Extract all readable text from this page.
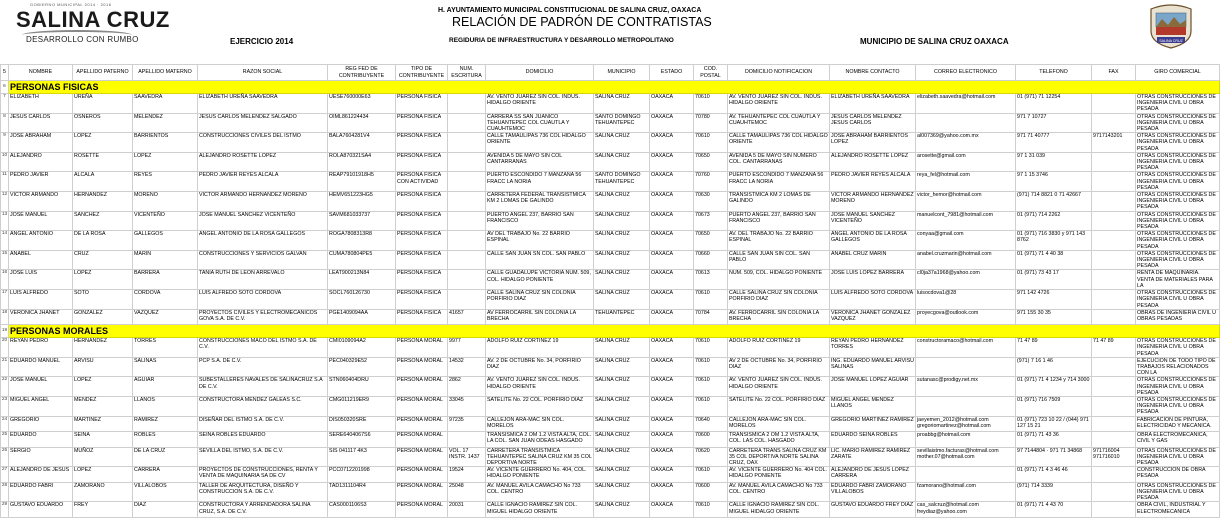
GOBIERNO MUNICIPAL 2014 · 2016
SALINA CRUZ
DESARROLLO CON RUMBO	SALINA CRUZ
H. AYUNTAMIENTO MUNICIPAL CONSTITUCIONAL DE SALINA CRUZ, OAXACA
RELACIÓN DE PADRÓN DE CONTRATISTAS
EJERCICIO 2014	REGIDURIA DE INFRAESTRUCTURA Y DESARROLLO METROPOLITANO	MUNICIPIO DE SALINA CRUZ OAXACA
5	NOMBRE	APELLIDO PATERNO	APELLIDO MATERNO	RAZON SOCIAL	REG FED DE CONTRIBUYENTE	TIPO DE CONTRIBUYENTE	NUM. ESCRITURA	DOMICILIO	MUNICIPIO	ESTADO	COD. POSTAL	DOMICILIO NOTIFICACION	NOMBRE CONTACTO	CORREO ELECTRONICO	TELEFONO	FAX	GIRO COMERCIAL
6	PERSONAS FISICAS																
7	ELIZABETH	UREÑA	SAAVEDRA	ELIZABETH UREÑA SAAVEDRA	UESE760000E63	PERSONA FISICA		AV. VENTO JUAREZ SIN COL. INDUS. HIDALGO ORIENTE	SALINA CRUZ	OAXACA	70610	AV. VENTO JUAREZ SIN COL. INDUS. HIDALGO ORIENTE	ELIZABETH UREÑA SAAVEDRA	elizabeth.saavedra@hotmail.com	01 (971) 71 12254		OTRAS CONSTRUCCIONES DE INGENIERIA CIVIL U OBRA PESADA
8	JESUS CARLOS	OSNEROS	MELENDEZ	JESUS CARLOS MELENDEZ SALGADO	OIML861224434	PERSONA FISICA		CARRERA SS SAN JUANICO TEHUANTEPEC COL CUAUTLA Y CUAUHTEMOC	SANTO DOMINGO TEHUANTEPEC	OAXACA	70780	AV. TEHUANTEPEC COL CUAUTLA Y CUAUHTEMOC	JESUS CARLOS MELENDEZ JESUS CARLOS		971 7 10727		OTRAS CONSTRUCCIONES DE INGENIERIA CIVIL U OBRA PESADA
9	JOSE ABRAHAM	LOPEZ	BARRIENTOS	CONSTRUCCIONES CIVILES DEL ISTMO	BALA7604281V4	PERSONA FISICA		CALLE TAMAULIPAS 736 COL HIDALGO ORIENTE	SALINA CRUZ	OAXACA	70610	CALLE TAMAULIPAS 736 COL HIDALGO ORIENTE	JOSE ABRAHAM BARRIENTOS LOPEZ	al007369@yahoo.com.mx	971 71 40777	9717143201	OTRAS CONSTRUCCIONES DE INGENIERIA CIVIL U OBRA PESADA
10	ALEJANDRO	ROSETTE	LOPEZ	ALEJANDRO ROSETTE LOPEZ	ROLA870321SA4	PERSONA FISICA		AVENIDA 5 DE MAYO SIN COL CANTARRANAS	SALINA CRUZ	OAXACA	70650	AVENIDA 5 DE MAYO SIN NUMERO COL. CANTARRANAS	ALEJANDRO ROSETTE LOPEZ	arosette@gmail.com	97 1 31 039		OTRAS CONSTRUCCIONES DE INGENIERIA CIVIL U OBRA PESADA
11	PEDRO JAVIER	ALCALA	REYES	PEDRO JAVIER REYES ALCALA	REAP79101918H5	PERSONA FISICA CON ACTIVIDAD		PUERTO ESCONDIDO 7 MANZANA 56 FRACC LA NORIA	SANTO DOMINGO TEHUANTEPEC	OAXACA	70760	PUERTO ESCONDIDO 7 MANZANA 56 FRACC LA NORIA	PEDRO JAVIER REYES ALCALA	reya_fel@hotmail.com	97 1 15 3746		OTRAS CONSTRUCCIONES DE INGENIERIA CIVIL U OBRA PESADA
12	VICTOR ARMANDO	HERNANDEZ	MORENO	VICTOR ARMANDO HERNANDEZ MORENO	HEMV651223HG5	PERSONA FISICA		CARRETERA FEDERAL TRANSISTMICA KM 2 LOMAS DE GALINDO	SALINA CRUZ	OAXACA	70630	TRANSISTMICA KM 2 LOMAS DE GALINDO	VICTOR ARMANDO HERNANDEZ MORENO	victor_hemor@hotmail.com	(971) 714 8821 0 71 42667		OTRAS CONSTRUCCIONES DE INGENIERIA CIVIL U OBRA PESADA
13	JOSE MANUEL	SANCHEZ	VICENTEÑO	JOSE MANUEL SANCHEZ VICENTEÑO	SAVM681033737	PERSONA FISICA		PUERTO ANGEL 237, BARRIO SAN FRANCISCO	SALINA CRUZ	OAXACA	70673	PUERTO ANGEL 237, BARRIO SAN FRANCISCO	JOSE MANUEL SANCHEZ VICENTEÑO	manuelcont_7981@hotmail.com	01 (971) 714 2262		OTRAS CONSTRUCCIONES DE INGENIERIA CIVIL U OBRA PESADA
14	ANGEL ANTONIO	DE LA ROSA	GALLEGOS	ANGEL ANTONIO DE LA ROSA GALLEGOS	ROGA7808313R8	PERSONA FISICA		AV DEL TRABAJO No. 22 BARRIO ESPINAL	SALINA CRUZ	OAXACA	70650	AV. DEL TRABAJO No. 22 BARRIO ESPINAL	ANGEL ANTONIO DE LA ROSA GALLEGOS	conyaa@gmail.com	01 (971) 716 3830 y 971 143 8762		OTRAS CONSTRUCCIONES DE INGENIERIA CIVIL U OBRA PESADA
15	ANABEL	CRUZ	MARIN	CONSTRUCCIONES Y SERVICIOS GALVAN	CUMA780804PE5	PERSONA FISICA		CALLE SAN JUAN SN COL. SAN PABLO	SALINA CRUZ	OAXACA	70660	CALLE SAN JUAN SIN COL. SAN PABLO	ANABEL CRUZ MARIN	anabel.cruzmarin@hotmail.com	01 (971) 71 4 40 38		OTRAS CONSTRUCCIONES DE INGENIERIA CIVIL U OBRA PESADA
16	JOSE LUIS	LOPEZ	BARRERA	TANIA RUTH DE LEON ARREVALO	LEAT900213N84	PERSONA FISICA		CALLE GUADALUPE VICTORIA NUM. 509, COL. HIDALGO PONIENTE	SALINA CRUZ	OAXACA	70613	NUM. 509, COL. HIDALGO PONIENTE	JOSE LUIS LOPEZ BARRERA	cl0ja37a1968@yahoo.com	01 (971) 73 43 17		RENTA DE MAQUINARIA. VENTA DE MATERIALES PARA LA
17	LUIS ALFREDO	SOTO	CORDOVA	LUIS ALFREDO SOTO CORDOVA	SOCL760126730	PERSONA FISICA		CALLE SALINA CRUZ SIN COLONIA PORFIRIO DIAZ	SALINA CRUZ	OAXACA	70610	CALLE SALINA CRUZ SIN COLONIA PORFIRIO DIAZ	LUIS ALFREDO SOTO CORDOVA	luisocdova1@28	971 142 4726		OTRAS CONSTRUCCIONES DE INGENIERIA CIVIL U OBRA PESADA
18	VERONICA JHANET	GONZALEZ	VAZQUEZ	PROYECTOS CIVILES Y ELECTROMECANICOS GOVA S.A. DE C.V.	PGE1409094AA	PERSONA FISICA	41657	AV FERROCARRIL SIN COLONIA LA BRECHA	TEHUANTEPEC	OAXACA	70784	AV. FERROCARRIL SIN COLONIA LA BRECHA	VERONICA JHANET GONZALEZ VAZQUEZ	proyecgova@outlook.com	971 155 30 35		OBRAS DE INGENIERIA CIVIL U OBRAS PESADAS
19	PERSONAS MORALES																
20	REYAN PEDRO	HERNANDEZ	TORRES	CONSTRUCCIONES MACO DEL ISTMO S.A. DE C.V.	CMI0109094A2	PERSONA MORAL	9977	ADOLFO RUIZ CORTINEZ 19	SALINA CRUZ	OAXACA	70610	ADOLFO RUIZ CORTINEZ 19	REYAN PEDRO HERNANDEZ TORRES	constructoramaco@hotmail.com	71 47 89	71 47 89	OTRAS CONSTRUCCIONES DE INGENIERIA CIVIL U OBRA PESADA
21	EDUARDO MANUEL	ARVISU	SALINAS	PCP S.A. DE C.V.	PEC040329E52	PERSONA MORAL	14532	AV. 2 DE OCTUBRE No. 34, PORFIRIO DIAZ	SALINA CRUZ	OAXACA	70610	AV 2 DE OCTUBRE No. 34, PORFIRIO DIAZ	ING. EDUARDO MANUEL ARVISU SALINAS		(971) 7 16 1 46		EJECUCION DE TODO TIPO DE TRABAJOS RELACIONADOS CON LA
22	JOSE MANUEL	LOPEZ	AGUIAR	SUBESTALLERES NAVALES DE SALINACRUZ S.A DE C.V.	STN060404DRU	PERSONA MORAL	2862	AV. VENTO JUAREZ SIN COL. INDUS. HIDALGO ORIENTE	SALINA CRUZ	OAXACA	70610	AV. VENTO JUAREZ SIN COL. INDUS. HIDALGO ORIENTE	JOSE MANUEL LOPEZ AGUIAR	sutanasc@prodigy.net.mx	01 (971) 71 4 1234 y 714 3000		OTRAS CONSTRUCCIONES DE INGENIERIA CIVIL U OBRA PESADA
23	MIGUEL ANGEL	MENDEZ	LLANOS	CONSTRUCTORA MENDEZ GALEAS S.C.	CMG011219ER9	PERSONA MORAL	33045	SATELITE No. 22 COL. PORFIRIO DIAZ	SALINA CRUZ	OAXACA	70610	SATELITE No. 22 COL. PORFIRIO DIAZ	MIGUEL ANGEL MENDEZ LLANOS		01 (971) 716 7509		OTRAS CONSTRUCCIONES DE INGENIERIA CIVIL U OBRA PESADA
24	GREGORIO	MARTINEZ	RAMIREZ	DISEÑAR DEL ISTMO S.A. DE C.V.	DIS050320SRE	PERSONA MORAL	97235	CALLEJON ARA-MAC SIN COL. MORELOS	SALINA CRUZ	OAXACA	70640	CALLEJON ARA-MAC SIN COL. MORELOS	GREGORIO MARTINEZ RAMIREZ	jaeyemen_2012@hotmail.com gregoriomartinez@hotmail.com	01 (971) 723 10 22 / (044) 971 127 15 21		FABRICACION DE PINTURA, ELECTRICIDAD Y MECANICA.
25	EDUARDO	SEINA	ROBLES	SEINA ROBLES EDUARDO	SERE6404067S6	PERSONA MORAL		TRANSISMICA 2 OM 1.2 VISTA ALTA, COL. LA COL. SAN JUAN ODEAS HASGADO	SALINA CRUZ	OAXACA	70600	TRANSISMICA 2 OM 1.2 VISTA ALTA, COL. LAS COL. HASGADO	EDUARDO SEINA ROBLES	proabbg@hotmail.com	01 (971) 71 43 36		OBRA ELECTROMECANICA, CIVIL Y GAS
26	SERGIO	MUÑOZ	DE LA CRUZ	SEVILLA DEL ISTMO, S.A. DE C.V.	SIS 041117 4K3	PERSONA MORAL	VOL. 17 INSTR. 1437	CARRETERA TRANSISTMICA TEHUANTEPEC SALINA CRUZ KM 35 COL DEPORTIVA NORTE	SALINA CRUZ	OAXACA	70620	CARRETERA TRANS SALINA CRUZ KM 35 COL DEPORTIVA NORTE SALINA CRUZ, OAX	LIC. MARIO RAMIREZ RAMIREZ ZARATE	sevillaistmo.facturas@hotmail.com mother.07@hotmail.com	97 7144804 · 971 71 34868	971716004 971716010	OTRAS CONSTRUCCIONES DE INGENIERIA CIVIL U OBRA PESADA
27	ALEJANDRO DE JESUS	LOPEZ	CARRERA	PROYECTOS DE CONSTRUCCIONES, RENTA Y VENTA DE MAQUINARIA SA DE CV	PCC0712201998	PERSONA MORAL	19524	AV. VICENTE GUERRERO No. 404, COL. HIDALGO PONIENTE	SALINA CRUZ	OAXACA	70610	AV. VICENTE GUERRERO No. 404 COL. HIDALGO PONIENTE	ALEJANDRO DE JESUS LOPEZ CARRERA		01 (971) 71 4 3 46 46		CONSTRUCCION DE OBRA PESADA
28	EDUARDO FABRI	ZAMORANO	VILLALOBOS	TALLER DE ARQUITECTURA, DISEÑO Y CONSTRUCCION S.A. DE C.V.	TAD1311104R4	PERSONA MORAL	25048	AV. MANUEL AVILA CAMACHO No 733 COL. CENTRO	SALINA CRUZ	OAXACA	70600	AV. MANUEL AVILA CAMACHO No 733 COL. CENTRO	EDUARDO FABRI ZAMORANO VILLALOBOS	fzamorano@hotmail.com	(971) 714 3339		OTRAS CONSTRUCCIONES DE INGENIERIA CIVIL U OBRA PESADA
29	GUSTAVO EDUARDO	FREY	DIAZ	CONSTRUCTORA Y ARRENDADORA SALINA CRUZ, S.A. DE C.V.	CAS0001106S3	PERSONA MORAL	20031	CALLE IGNACIO RAMIREZ SIN COL. MIGUEL HIDALGO ORIENTE	SALINA CRUZ	OAXACA	70610	CALLE IGNACIO RAMIREZ SIN COL. MIGUEL HIDALGO ORIENTE	GUSTAVO EDUARDO FREY DIAZ	cas_salcruz@hotmail.com freydiaz@yahoo.com	01 (971) 71 4 43 70		OBRA CIVIL, INDUSTRIAL Y ELECTROMECANICA
